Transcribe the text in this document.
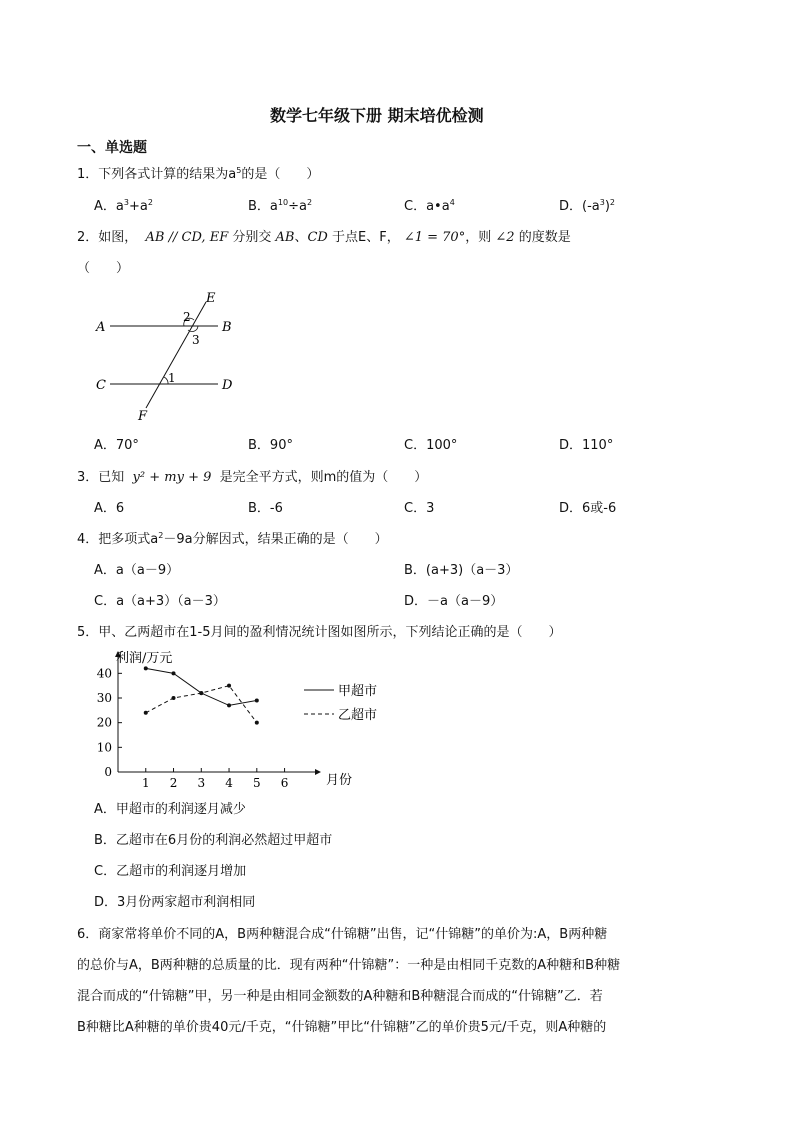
数学七年级下册 期末培优检测
一、单选题
1．下列各式计算的结果为$a^5$的是（　　）
A．$a^3+a^2$	B．$a^{10}\div a^2$	C．$a•a^4$	D．$(-a^3)^2$
2．如图， AB // CD, EF 分别交 AB、CD 于点E、F， ∠1 = 70°，则 ∠2 的度数是
（　　）
A	B
C	D
E
F
2
3
1
A．70°	B．90°	C．100°	D．110°
3．已知 y² + my + 9 是完全平方式，则m的值为（　　）
A．6	B．-6	C．3	D．6或-6
4．把多项式$a^2-9a$分解因式，结果正确的是（　　）
A．a（a－9）	B．(a+3)（a－3）
C．a（a+3）（a－3）	D．－a（a－9）
5．甲、乙两超市在1-5月间的盈利情况统计图如图所示，下列结论正确的是（　　）
0
10
20
30
40
1 2 3 4 5 6
利润/万元
月份
甲超市
乙超市
A．甲超市的利润逐月减少
B．乙超市在6月份的利润必然超过甲超市
C．乙超市的利润逐月增加
D．3月份两家超市利润相同
6．商家常将单价不同的A，B两种糖混合成“什锦糖”出售，记“什锦糖”的单价为:A，B两种糖
的总价与A，B两种糖的总质量的比．现有两种“什锦糖”：一种是由相同千克数的A种糖和B种糖
混合而成的“什锦糖”甲，另一种是由相同金额数的A种糖和B种糖混合而成的“什锦糖”乙．若
B种糖比A种糖的单价贵40元/千克，“什锦糖”甲比“什锦糖”乙的单价贵5元/千克，则A种糖的
